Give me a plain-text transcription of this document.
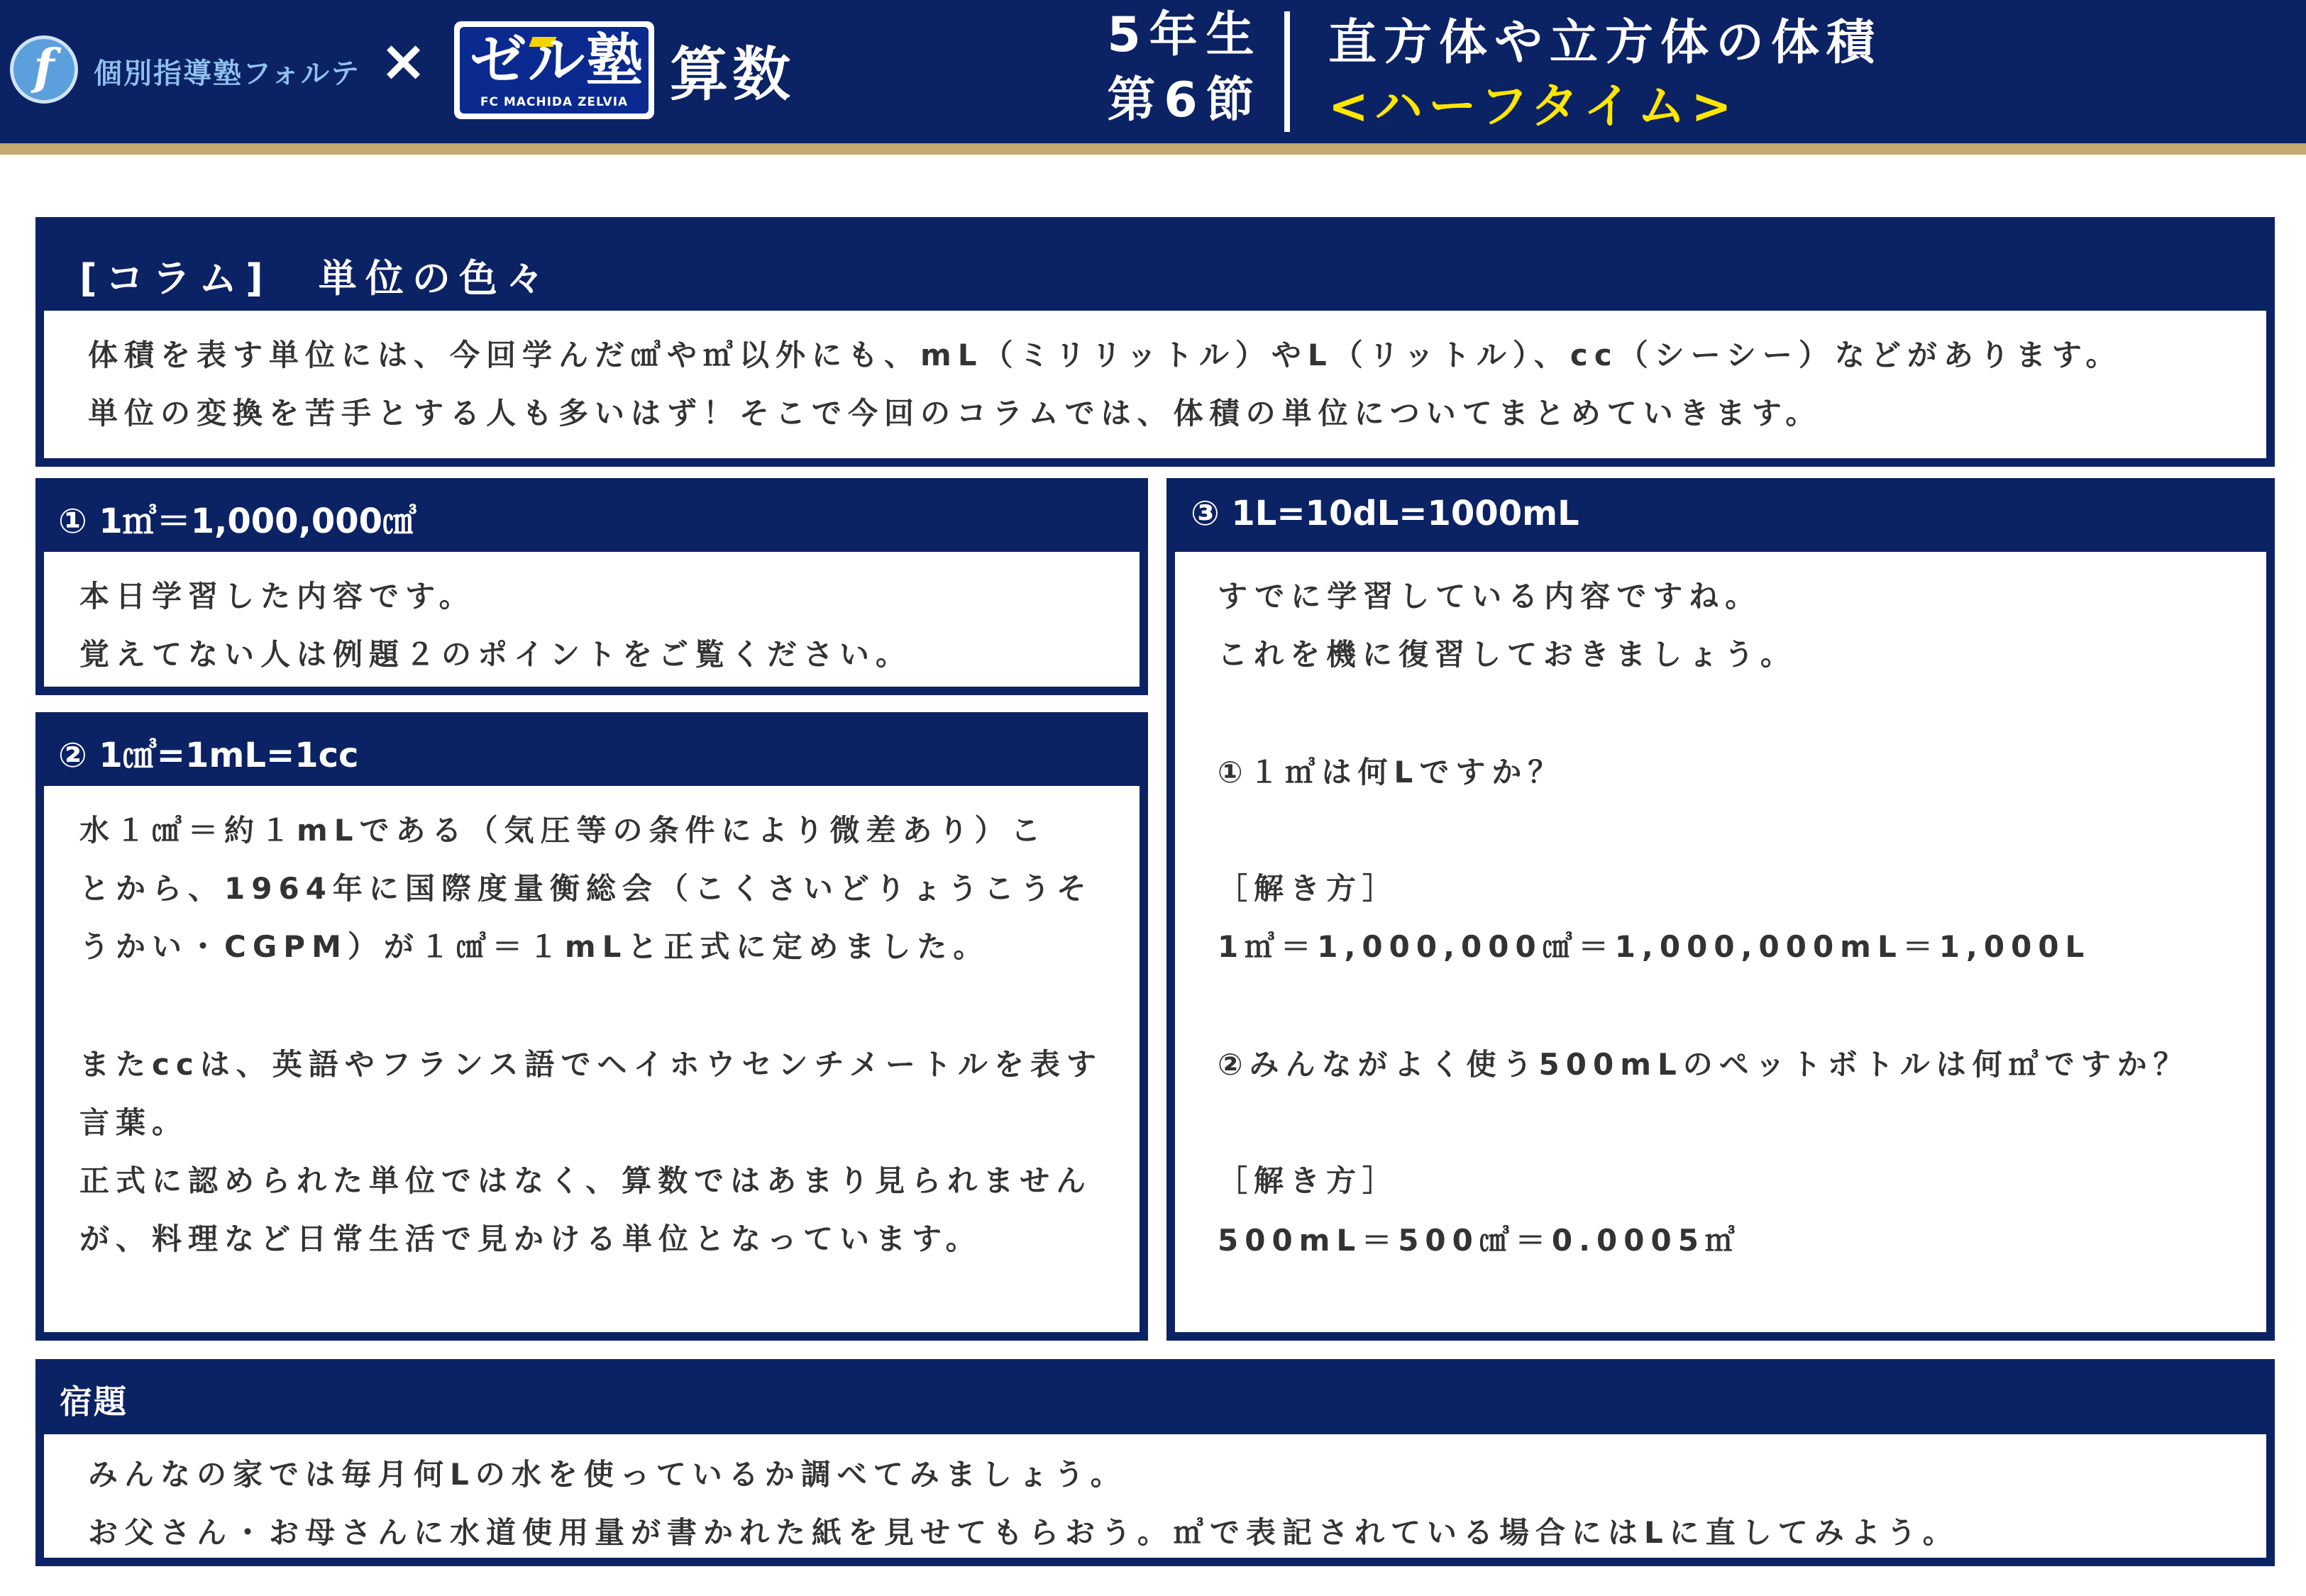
f 個別指導塾フォルテ × ゼル塾
FC MACHIDA ZELVIA 算数
5年生
第6節
直方体や立方体の体積
<ハーフタイム>
[コラム]　単位の色々
体積を表す単位には、今回学んだ㎤や㎥以外にも、mL（ミリリットル）やL（リットル）、cc（シーシー）などがあります。
単位の変換を苦手とする人も多いはず！そこで今回のコラムでは、体積の単位についてまとめていきます。
① 1㎥＝1,000,000㎤
本日学習した内容です。
覚えてない人は例題２のポイントをご覧ください。
② 1㎤=1mL=1cc
水１㎤＝約１mLである（気圧等の条件により微差あり）こ
とから、1964年に国際度量衡総会（こくさいどりょうこうそ
うかい・CGPM）が１㎤＝１mLと正式に定めました。
またccは、英語やフランス語でヘイホウセンチメートルを表す
言葉。
正式に認められた単位ではなく、算数ではあまり見られません
が、料理など日常生活で見かける単位となっています。
③ 1L=10dL=1000mL
すでに学習している内容ですね。
これを機に復習しておきましょう。
①１㎥は何Lですか？
［解き方］
1㎥＝1,000,000㎤＝1,000,000mL＝1,000L
②みんながよく使う500mLのペットボトルは何㎥ですか？
［解き方］
500mL＝500㎤＝0.0005㎥
宿題
みんなの家では毎月何Lの水を使っているか調べてみましょう。
お父さん・お母さんに水道使用量が書かれた紙を見せてもらおう。㎥で表記されている場合にはLに直してみよう。
